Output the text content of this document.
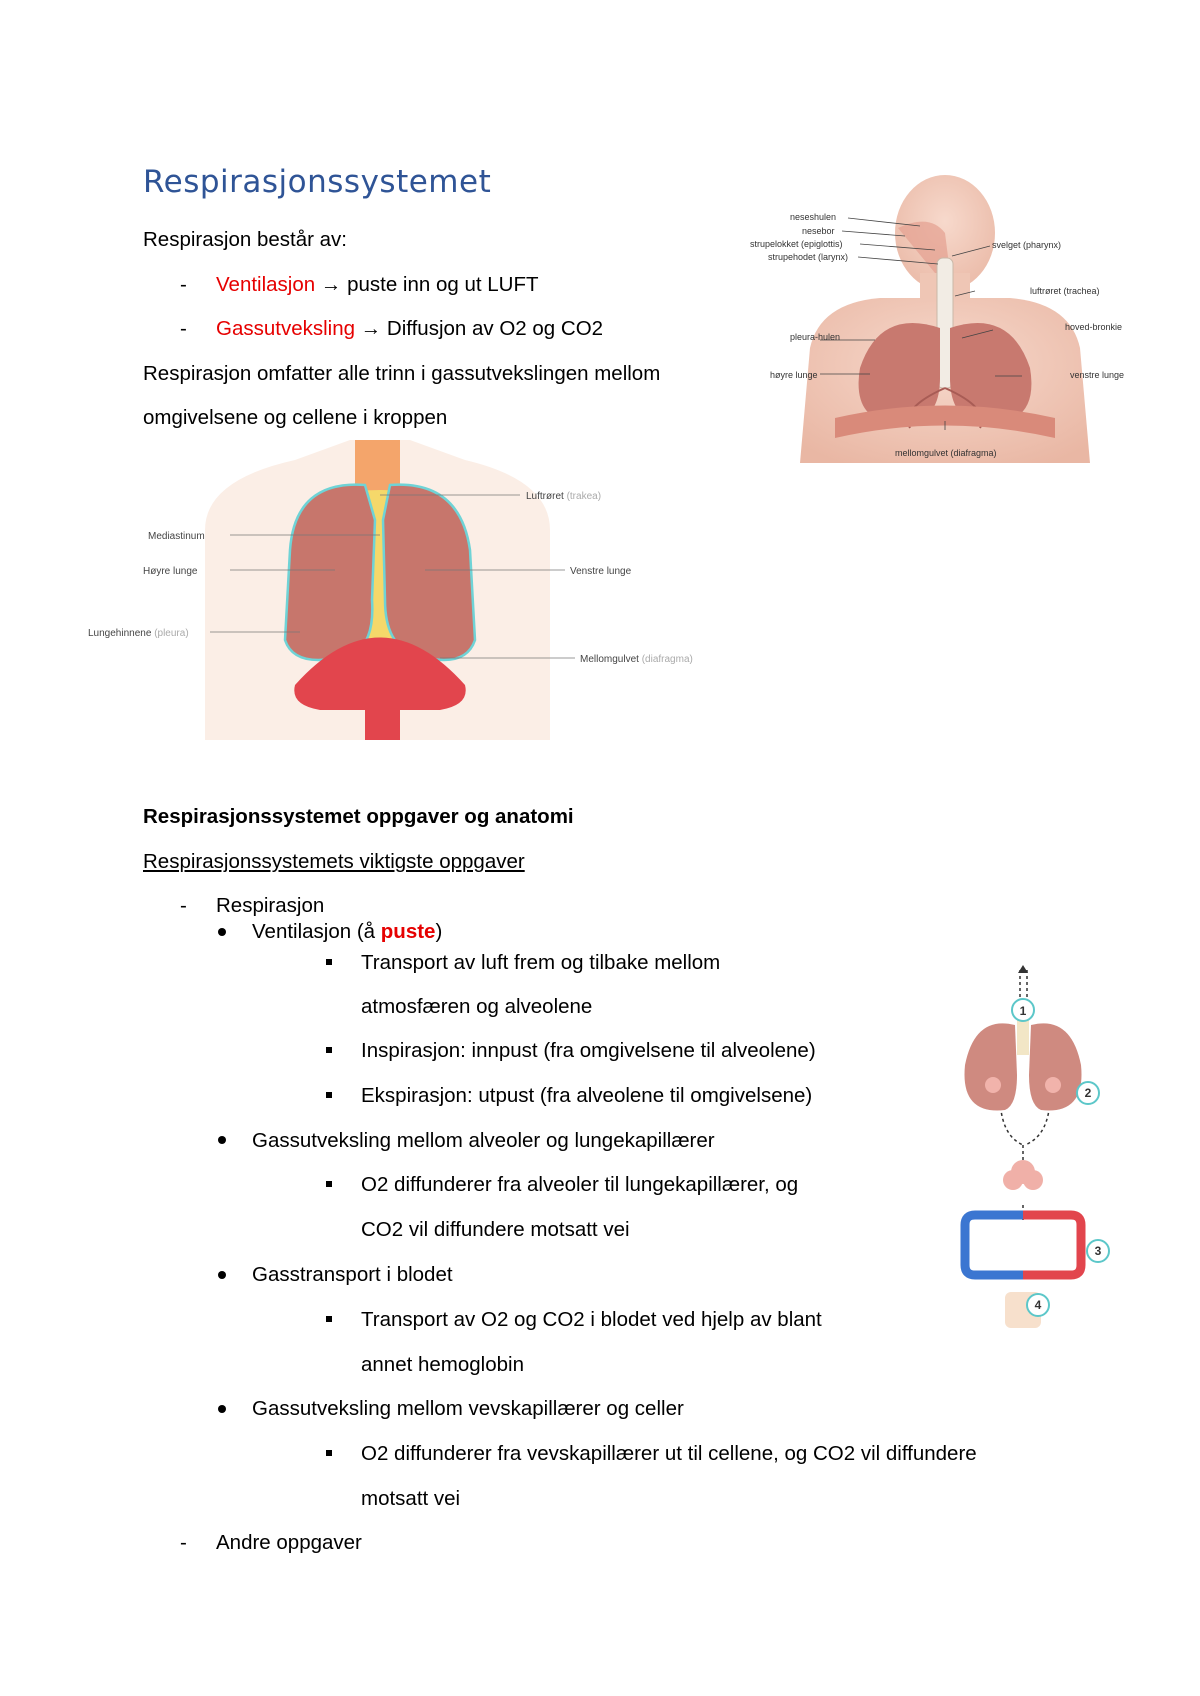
Respirasjonssystemet
Respirasjon består av:
- Ventilasjon → puste inn og ut LUFT
- Gassutveksling → Diffusjon av O2 og CO2
Respirasjon omfatter alle trinn i gassutvekslingen mellom
omgivelsene og cellene i kroppen
neseshulen
nesebor
strupelokket (epiglottis)
strupehodet (larynx)
svelget (pharynx)
luftrøret (trachea)
pleura-hulen
hoved-bronkie
høyre lunge	venstre lunge
mellomgulvet (diafragma)
Luftrøret (trakea)
Mediastinum
Høyre lunge	Venstre lunge
Lungehinnene (pleura)
Mellomgulvet (diafragma)
Respirasjonssystemet oppgaver og anatomi
Respirasjonssystemets viktigste oppgaver
- Respirasjon
Ventilasjon (å puste)
Transport av luft frem og tilbake mellom
atmosfæren og alveolene
Inspirasjon: innpust (fra omgivelsene til alveolene)
Ekspirasjon: utpust (fra alveolene til omgivelsene)
Gassutveksling mellom alveoler og lungekapillærer
O2 diffunderer fra alveoler til lungekapillærer, og
CO2 vil diffundere motsatt vei
Gasstransport i blodet
Transport av O2 og CO2 i blodet ved hjelp av blant
annet hemoglobin
Gassutveksling mellom vevskapillærer og celler
O2 diffunderer fra vevskapillærer ut til cellene, og CO2 vil diffundere
motsatt vei
- Andre oppgaver
1
2
3
4
